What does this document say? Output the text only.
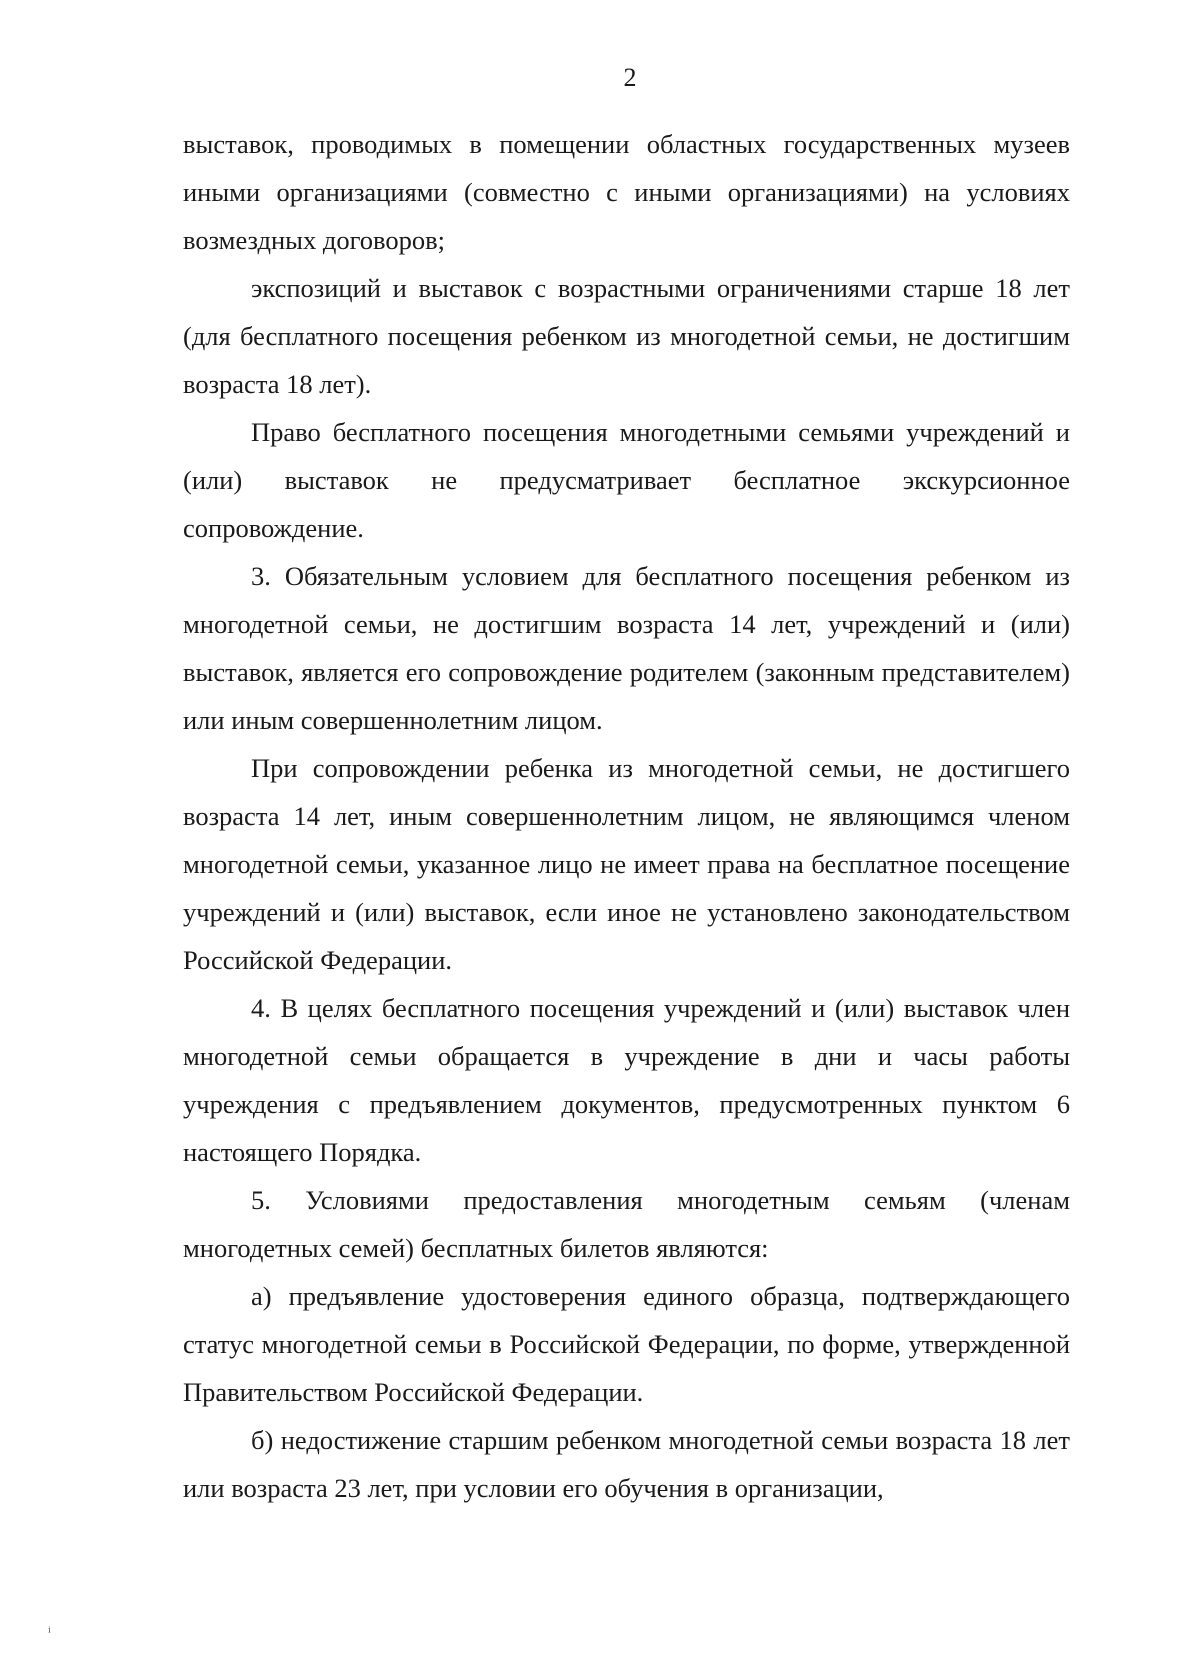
2

выставок, проводимых в помещении областных государственных музеев иными организациями (совместно с иными организациями) на условиях возмездных договоров;

экспозиций и выставок с возрастными ограничениями старше 18 лет (для бесплатного посещения ребенком из многодетной семьи, не достигшим возраста 18 лет).

Право бесплатного посещения многодетными семьями учреждений и (или) выставок не предусматривает бесплатное экскурсионное сопровождение.

3. Обязательным условием для бесплатного посещения ребенком из многодетной семьи, не достигшим возраста 14 лет, учреждений и (или) выставок, является его сопровождение родителем (законным представителем) или иным совершеннолетним лицом.

При сопровождении ребенка из многодетной семьи, не достигшего возраста 14 лет, иным совершеннолетним лицом, не являющимся членом многодетной семьи, указанное лицо не имеет права на бесплатное посещение учреждений и (или) выставок, если иное не установлено законодательством Российской Федерации.

4. В целях бесплатного посещения учреждений и (или) выставок член многодетной семьи обращается в учреждение в дни и часы работы учреждения с предъявлением документов, предусмотренных пунктом 6 настоящего Порядка.

5. Условиями предоставления многодетным семьям (членам многодетных семей) бесплатных билетов являются:

а) предъявление удостоверения единого образца, подтверждающего статус многодетной семьи в Российской Федерации, по форме, утвержденной Правительством Российской Федерации.

б) недостижение старшим ребенком многодетной семьи возраста 18 лет или возраста 23 лет, при условии его обучения в организации,

ⁱ
